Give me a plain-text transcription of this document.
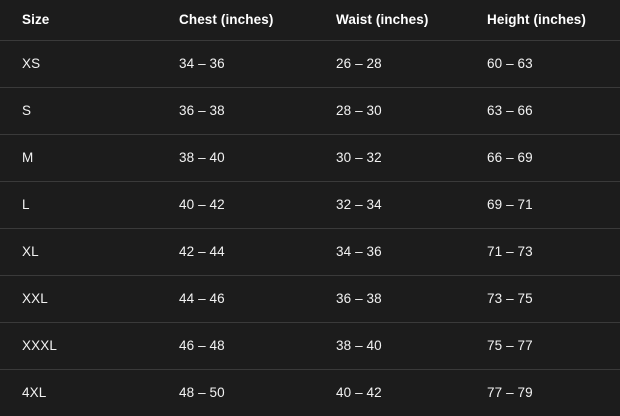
Size	Chest (inches)	Waist (inches)	Height (inches)
XS	34 – 36	26 – 28	60 – 63
S	36 – 38	28 – 30	63 – 66
M	38 – 40	30 – 32	66 – 69
L	40 – 42	32 – 34	69 – 71
XL	42 – 44	34 – 36	71 – 73
XXL	44 – 46	36 – 38	73 – 75
XXXL	46 – 48	38 – 40	75 – 77
4XL	48 – 50	40 – 42	77 – 79
